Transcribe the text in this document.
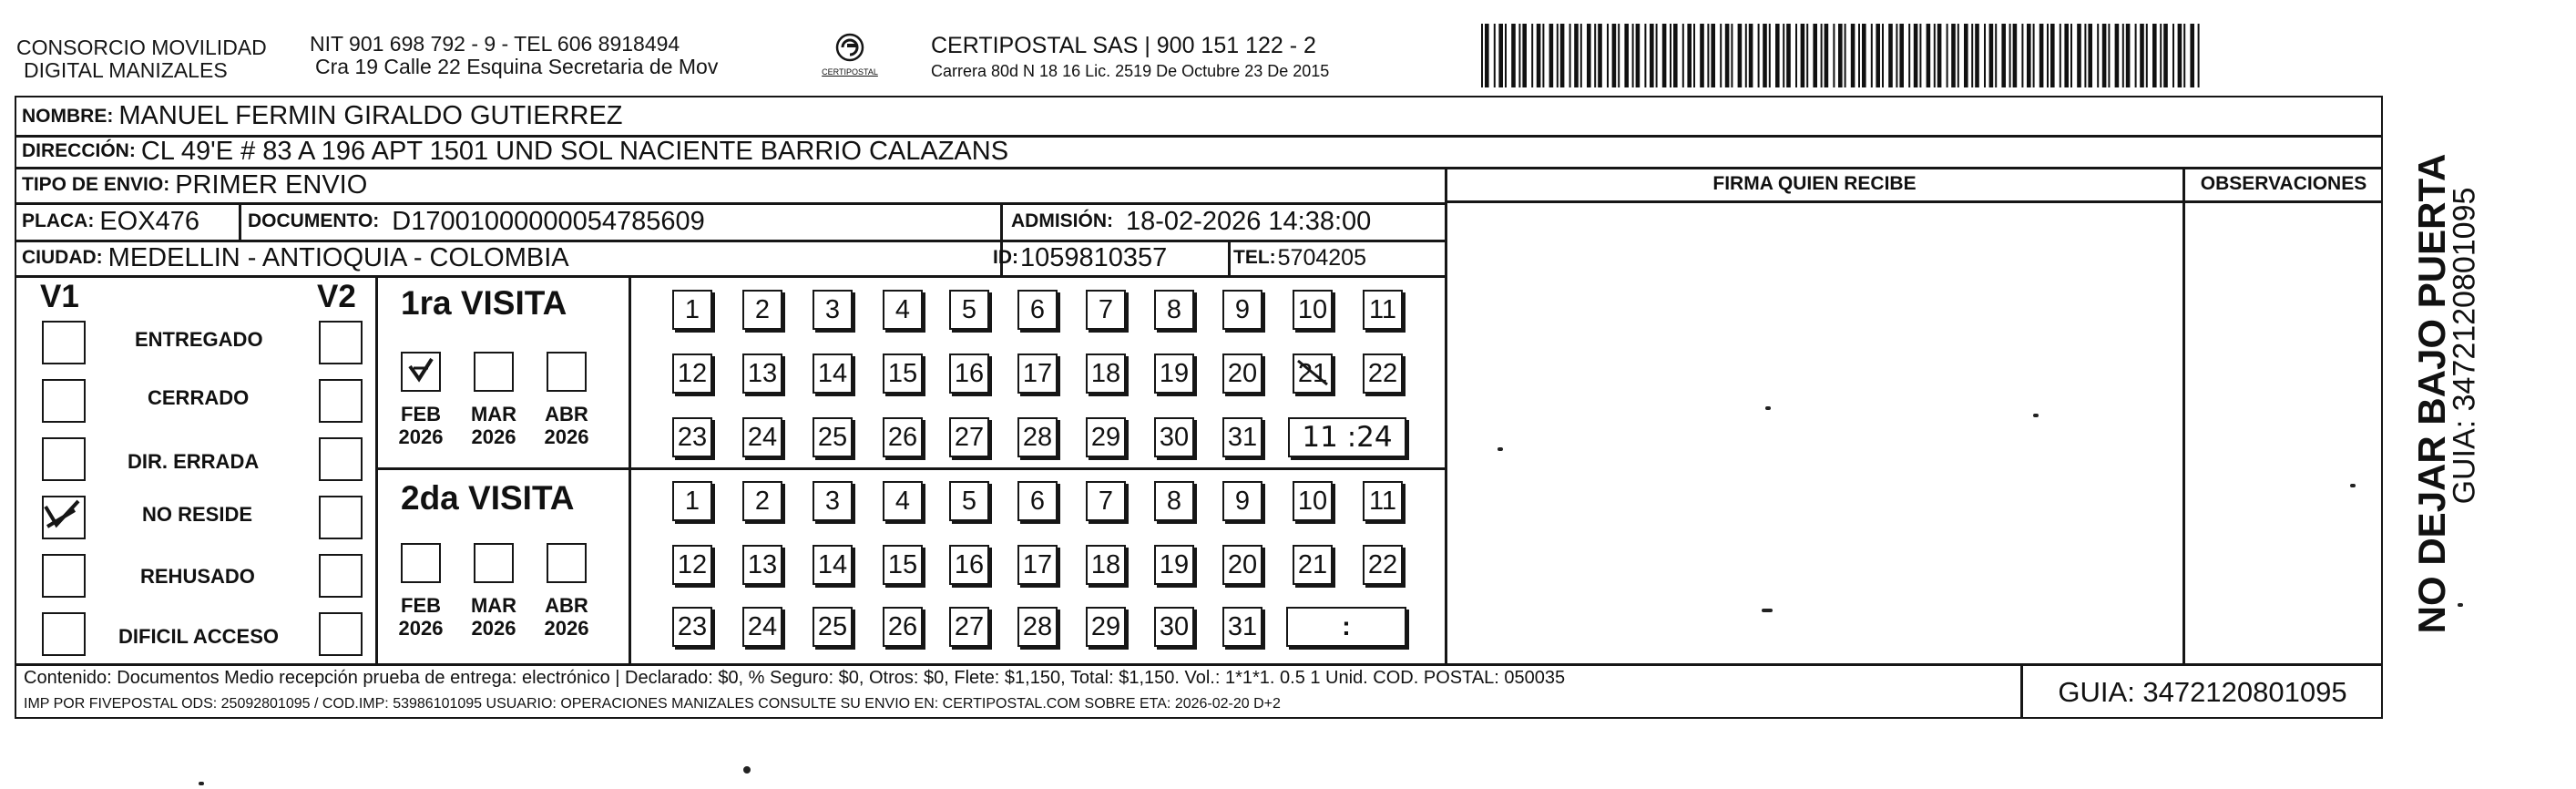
CONSORCIO MOVILIDAD
DIGITAL MANIZALES
NIT 901 698 792 - 9 - TEL 606 8918494
Cra 19 Calle 22 Esquina Secretaria de Mov	CERTIPOSTAL
CERTIPOSTAL SAS | 900 151 122 - 2
Carrera 80d N 18 16 Lic. 2519 De Octubre 23 De 2015
NOMBRE: MANUEL FERMIN GIRALDO GUTIERREZ
DIRECCIÓN: CL 49'E # 83 A 196 APT 1501 UND SOL NACIENTE BARRIO CALAZANS
TIPO DE ENVIO: PRIMER ENVIO
PLACA: EOX476	DOCUMENTO: D17001000000054785609	ADMISIÓN: 18-02-2026 14:38:00
CIUDAD: MEDELLIN - ANTIOQUIA - COLOMBIA	ID: 1059810357	TEL: 5704205
FIRMA QUIEN RECIBE	OBSERVACIONES
V1	V2
ENTREGADO
CERRADO
DIR. ERRADA
NO RESIDE
REHUSADO
DIFICIL ACCESO
1ra VISITA
FEB
2026
MAR
2026
ABR
2026
2da VISITA
FEB
2026
MAR
2026
ABR
2026
1	2	3	4	5	6	7	8	9	10 11
12 13 14 15 16 17 18 19 20 21 22
23 24 25 26 27 28 29 30 31
1	2	3	4	5	6	7	8	9	10 11
12 13 14 15 16 17 18 19 20 21 22
23 24 25 26 27 28 29 30 31
11 :24
:
Contenido: Documentos Medio recepción prueba de entrega: electrónico | Declarado: $0, % Seguro: $0, Otros: $0, Flete: $1,150, Total: $1,150. Vol.: 1*1*1. 0.5 1 Unid. COD. POSTAL: 050035
IMP POR FIVEPOSTAL ODS: 25092801095 / COD.IMP: 53986101095 USUARIO: OPERACIONES MANIZALES CONSULTE SU ENVIO EN: CERTIPOSTAL.COM SOBRE ETA: 2026-02-20 D+2	GUIA: 3472120801095
NO DEJAR BAJO PUERTA
GUIA: 3472120801095
